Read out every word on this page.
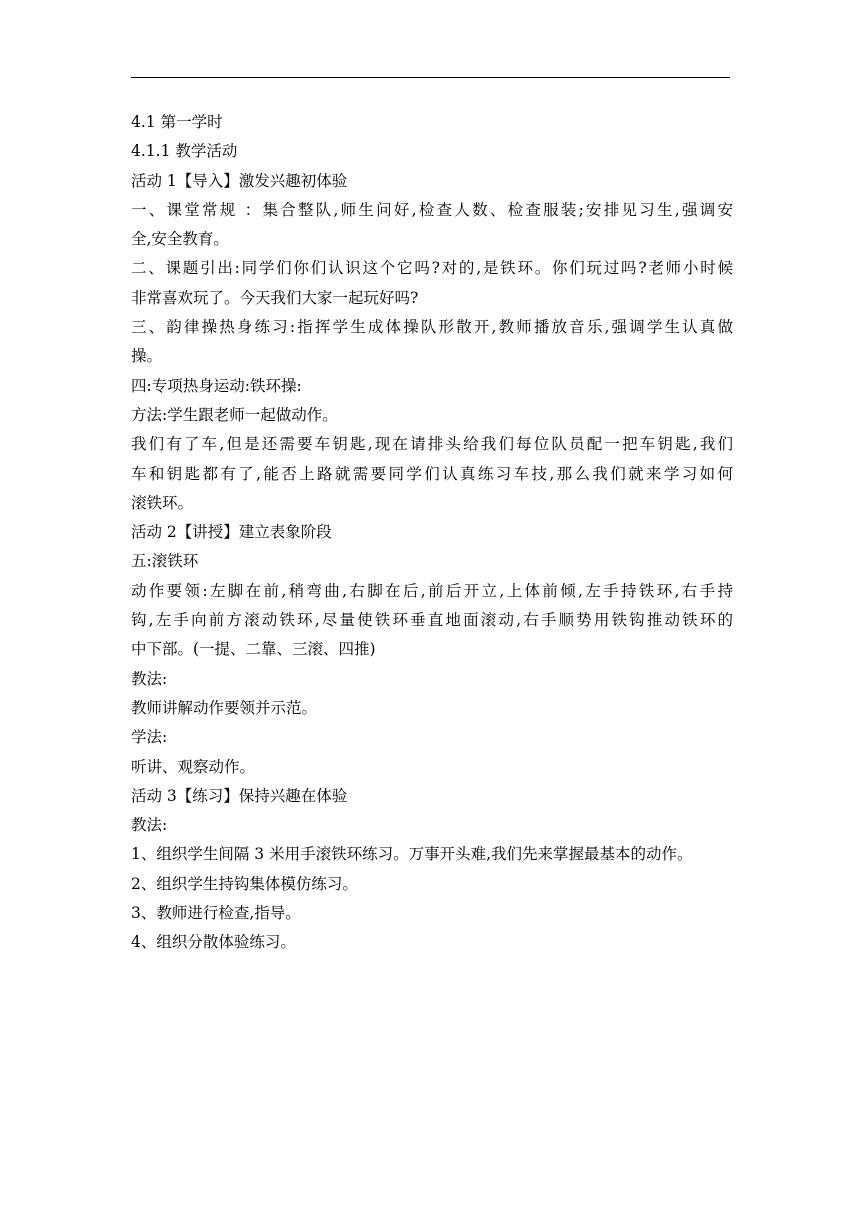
4.1 第一学时
4.1.1 教学活动
活动 1【导入】激发兴趣初体验
一、课堂常规 ：集合整队,师生问好,检查人数、检查服装;安排见习生,强调安
全,安全教育。
二、课题引出:同学们你们认识这个它吗?对的,是铁环。你们玩过吗?老师小时候
非常喜欢玩了。今天我们大家一起玩好吗?
三、韵律操热身练习:指挥学生成体操队形散开,教师播放音乐,强调学生认真做
操。
四:专项热身运动:铁环操:
方法:学生跟老师一起做动作。
我们有了车,但是还需要车钥匙,现在请排头给我们每位队员配一把车钥匙,我们
车和钥匙都有了,能否上路就需要同学们认真练习车技,那么我们就来学习如何
滚铁环。
活动 2【讲授】建立表象阶段
五:滚铁环
动作要领:左脚在前,稍弯曲,右脚在后,前后开立,上体前倾,左手持铁环,右手持
钩,左手向前方滚动铁环,尽量使铁环垂直地面滚动,右手顺势用铁钩推动铁环的
中下部。(一提、二靠、三滚、四推)
教法:
教师讲解动作要领并示范。
学法:
听讲、观察动作。
活动 3【练习】保持兴趣在体验
教法:
1、组织学生间隔 3 米用手滚铁环练习。万事开头难,我们先来掌握最基本的动作。
2、组织学生持钩集体模仿练习。
3、教师进行检查,指导。
4、组织分散体验练习。
